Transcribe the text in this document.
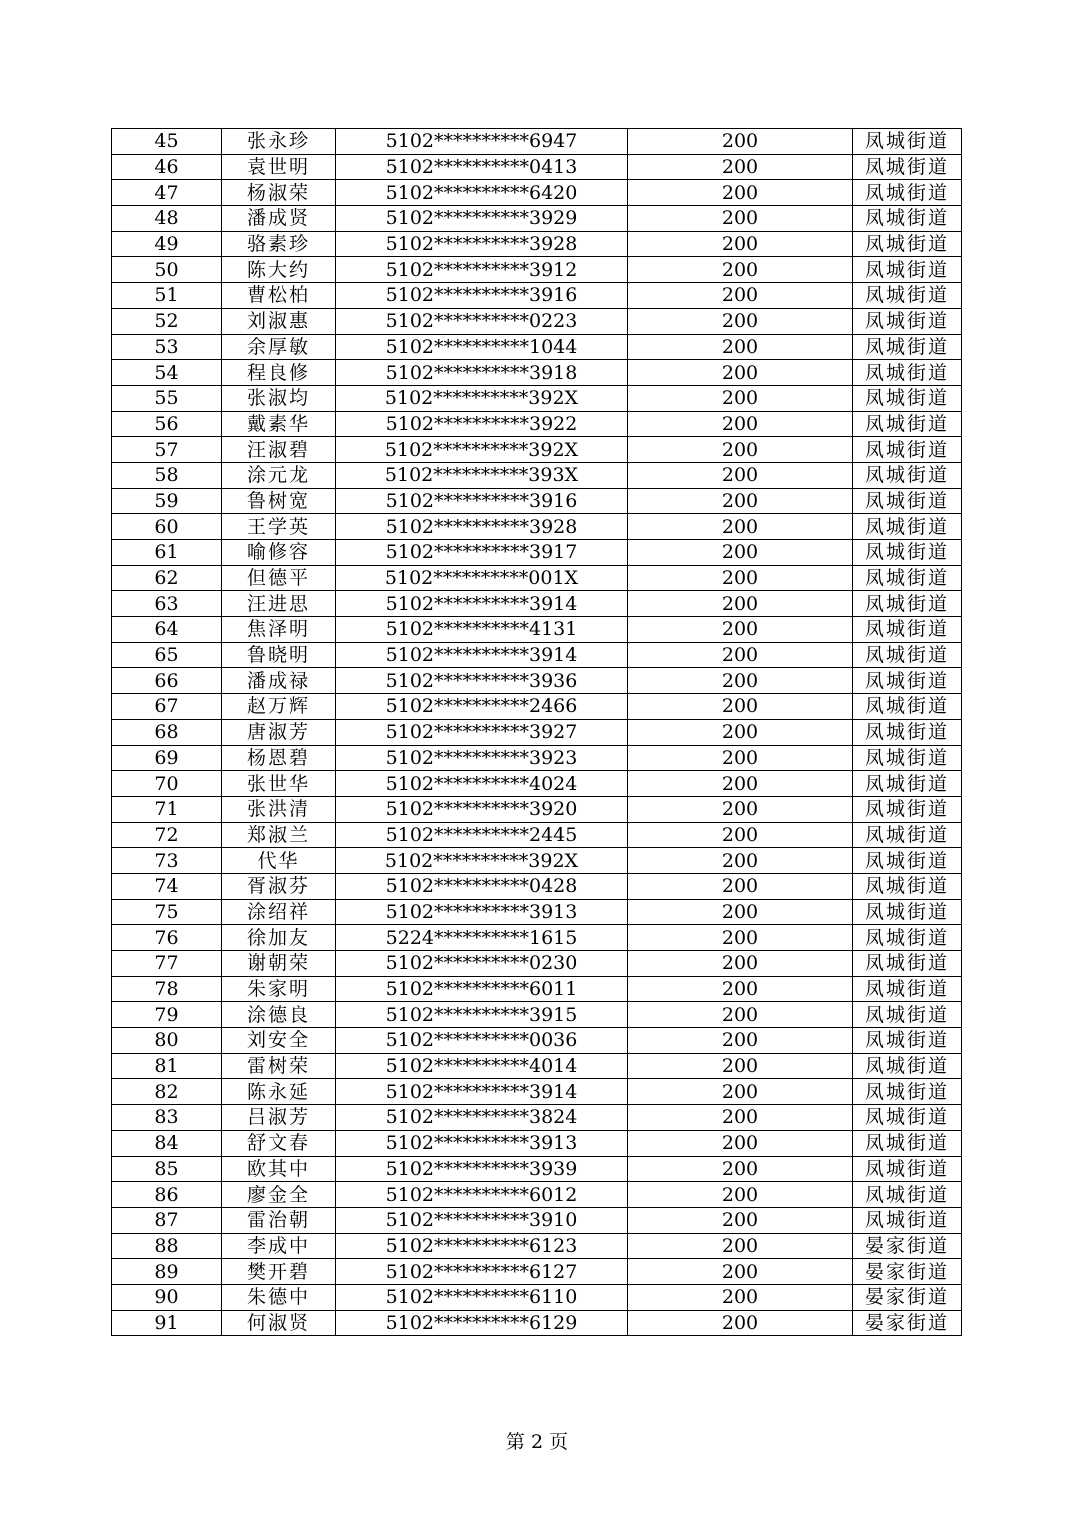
45	张永珍	5102**********6947	200	凤城街道
46	袁世明	5102**********0413	200	凤城街道
47	杨淑荣	5102**********6420	200	凤城街道
48	潘成贤	5102**********3929	200	凤城街道
49	骆素珍	5102**********3928	200	凤城街道
50	陈大约	5102**********3912	200	凤城街道
51	曹松柏	5102**********3916	200	凤城街道
52	刘淑惠	5102**********0223	200	凤城街道
53	余厚敏	5102**********1044	200	凤城街道
54	程良修	5102**********3918	200	凤城街道
55	张淑均	5102**********392X	200	凤城街道
56	戴素华	5102**********3922	200	凤城街道
57	汪淑碧	5102**********392X	200	凤城街道
58	涂元龙	5102**********393X	200	凤城街道
59	鲁树宽	5102**********3916	200	凤城街道
60	王学英	5102**********3928	200	凤城街道
61	喻修容	5102**********3917	200	凤城街道
62	但德平	5102**********001X	200	凤城街道
63	汪进思	5102**********3914	200	凤城街道
64	焦泽明	5102**********4131	200	凤城街道
65	鲁晓明	5102**********3914	200	凤城街道
66	潘成禄	5102**********3936	200	凤城街道
67	赵万辉	5102**********2466	200	凤城街道
68	唐淑芳	5102**********3927	200	凤城街道
69	杨恩碧	5102**********3923	200	凤城街道
70	张世华	5102**********4024	200	凤城街道
71	张洪清	5102**********3920	200	凤城街道
72	郑淑兰	5102**********2445	200	凤城街道
73	代华	5102**********392X	200	凤城街道
74	胥淑芬	5102**********0428	200	凤城街道
75	涂绍祥	5102**********3913	200	凤城街道
76	徐加友	5224**********1615	200	凤城街道
77	谢朝荣	5102**********0230	200	凤城街道
78	朱家明	5102**********6011	200	凤城街道
79	涂德良	5102**********3915	200	凤城街道
80	刘安全	5102**********0036	200	凤城街道
81	雷树荣	5102**********4014	200	凤城街道
82	陈永延	5102**********3914	200	凤城街道
83	吕淑芳	5102**********3824	200	凤城街道
84	舒文春	5102**********3913	200	凤城街道
85	欧其中	5102**********3939	200	凤城街道
86	廖金全	5102**********6012	200	凤城街道
87	雷治朝	5102**********3910	200	凤城街道
88	李成中	5102**********6123	200	晏家街道
89	樊开碧	5102**********6127	200	晏家街道
90	朱德中	5102**********6110	200	晏家街道
91	何淑贤	5102**********6129	200	晏家街道
第 2 页
